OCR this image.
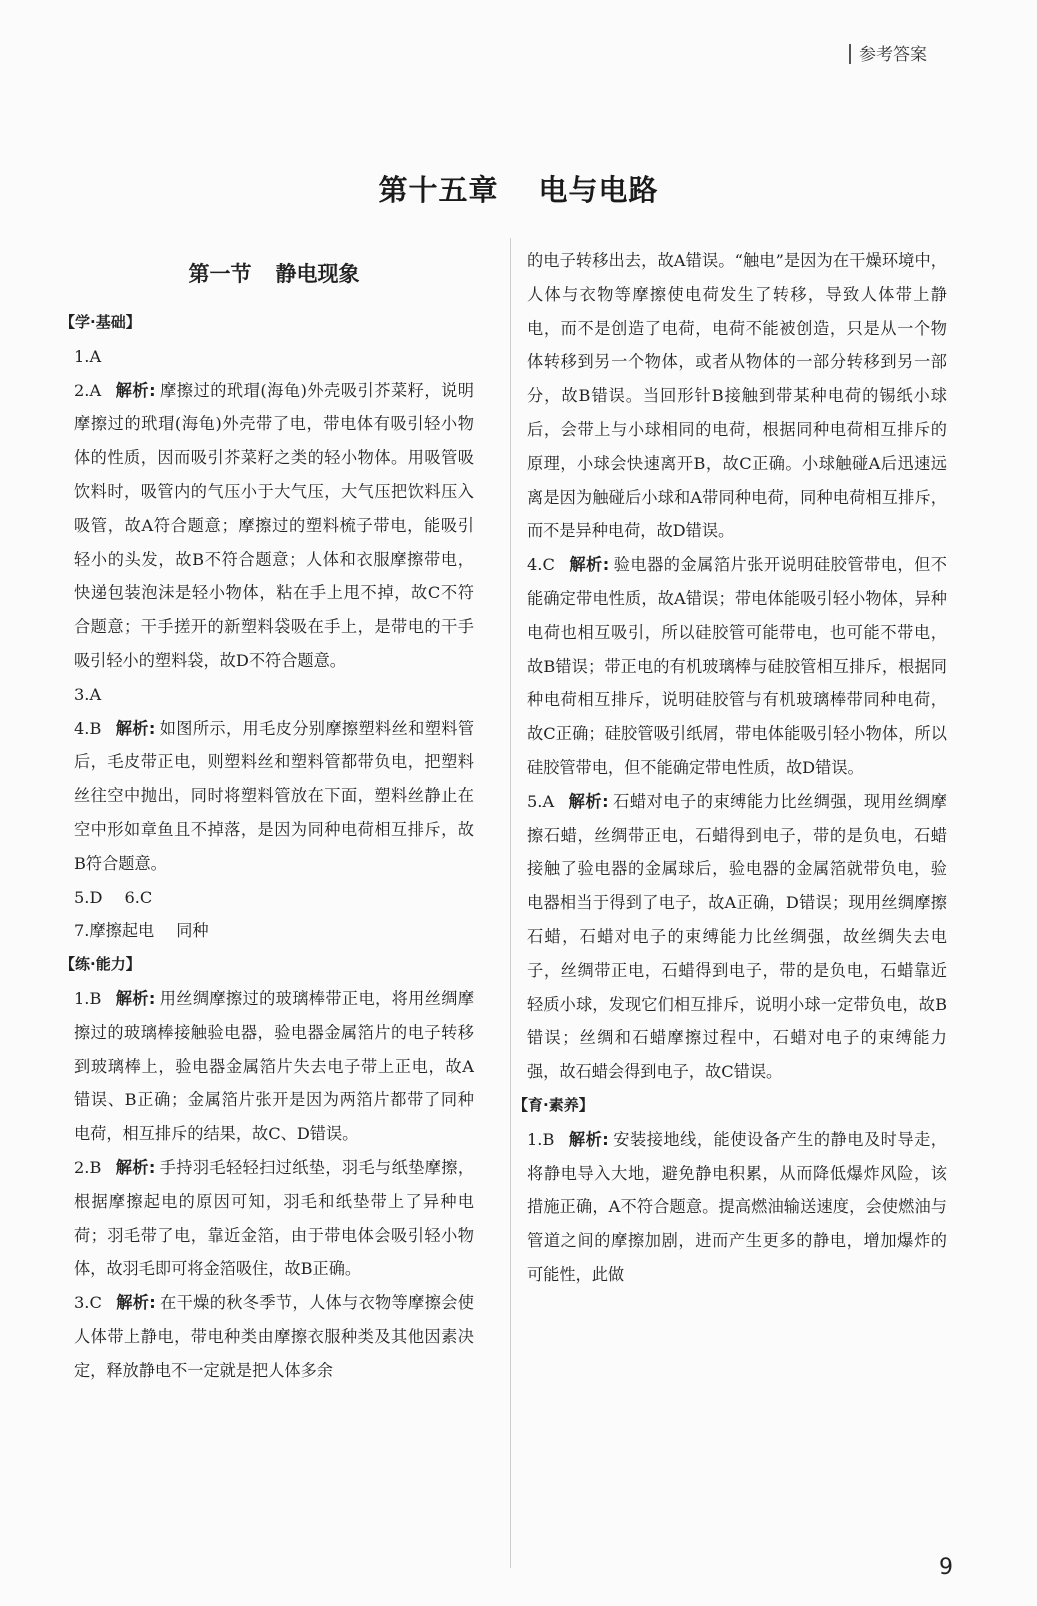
参考答案
第十五章 电与电路
第一节 静电现象
【学·基础】
1.A
2.A 解析: 摩擦过的玳瑁(海龟)外壳吸引芥菜籽，说明摩擦过的玳瑁(海龟)外壳带了电，带电体有吸引轻小物体的性质，因而吸引芥菜籽之类的轻小物体。用吸管吸饮料时，吸管内的气压小于大气压，大气压把饮料压入吸管，故A符合题意；摩擦过的塑料梳子带电，能吸引轻小的头发，故B不符合题意；人体和衣服摩擦带电，快递包装泡沫是轻小物体，粘在手上甩不掉，故C不符合题意；干手搓开的新塑料袋吸在手上，是带电的干手吸引轻小的塑料袋，故D不符合题意。
3.A
4.B 解析: 如图所示，用毛皮分别摩擦塑料丝和塑料管后，毛皮带正电，则塑料丝和塑料管都带负电，把塑料丝往空中抛出，同时将塑料管放在下面，塑料丝静止在空中形如章鱼且不掉落，是因为同种电荷相互排斥，故B符合题意。
5.D 6.C
7.摩擦起电 同种
【练·能力】
1.B 解析: 用丝绸摩擦过的玻璃棒带正电，将用丝绸摩擦过的玻璃棒接触验电器，验电器金属箔片的电子转移到玻璃棒上，验电器金属箔片失去电子带上正电，故A错误、B正确；金属箔片张开是因为两箔片都带了同种电荷，相互排斥的结果，故C、D错误。
2.B 解析: 手持羽毛轻轻扫过纸垫，羽毛与纸垫摩擦，根据摩擦起电的原因可知，羽毛和纸垫带上了异种电荷；羽毛带了电，靠近金箔，由于带电体会吸引轻小物体，故羽毛即可将金箔吸住，故B正确。
3.C 解析: 在干燥的秋冬季节，人体与衣物等摩擦会使人体带上静电，带电种类由摩擦衣服种类及其他因素决定，释放静电不一定就是把人体多余
的电子转移出去，故A错误。“触电”是因为在干燥环境中，人体与衣物等摩擦使电荷发生了转移，导致人体带上静电，而不是创造了电荷，电荷不能被创造，只是从一个物体转移到另一个物体，或者从物体的一部分转移到另一部分，故B错误。当回形针B接触到带某种电荷的锡纸小球后，会带上与小球相同的电荷，根据同种电荷相互排斥的原理，小球会快速离开B，故C正确。小球触碰A后迅速远离是因为触碰后小球和A带同种电荷，同种电荷相互排斥，而不是异种电荷，故D错误。
4.C 解析: 验电器的金属箔片张开说明硅胶管带电，但不能确定带电性质，故A错误；带电体能吸引轻小物体，异种电荷也相互吸引，所以硅胶管可能带电，也可能不带电，故B错误；带正电的有机玻璃棒与硅胶管相互排斥，根据同种电荷相互排斥，说明硅胶管与有机玻璃棒带同种电荷，故C正确；硅胶管吸引纸屑，带电体能吸引轻小物体，所以硅胶管带电，但不能确定带电性质，故D错误。
5.A 解析: 石蜡对电子的束缚能力比丝绸强，现用丝绸摩擦石蜡，丝绸带正电，石蜡得到电子，带的是负电，石蜡接触了验电器的金属球后，验电器的金属箔就带负电，验电器相当于得到了电子，故A正确，D错误；现用丝绸摩擦石蜡，石蜡对电子的束缚能力比丝绸强，故丝绸失去电子，丝绸带正电，石蜡得到电子，带的是负电，石蜡靠近轻质小球，发现它们相互排斥，说明小球一定带负电，故B错误；丝绸和石蜡摩擦过程中，石蜡对电子的束缚能力强，故石蜡会得到电子，故C错误。
【育·素养】
1.B 解析: 安装接地线，能使设备产生的静电及时导走，将静电导入大地，避免静电积累，从而降低爆炸风险，该措施正确，A不符合题意。提高燃油输送速度，会使燃油与管道之间的摩擦加剧，进而产生更多的静电，增加爆炸的可能性，此做
9
